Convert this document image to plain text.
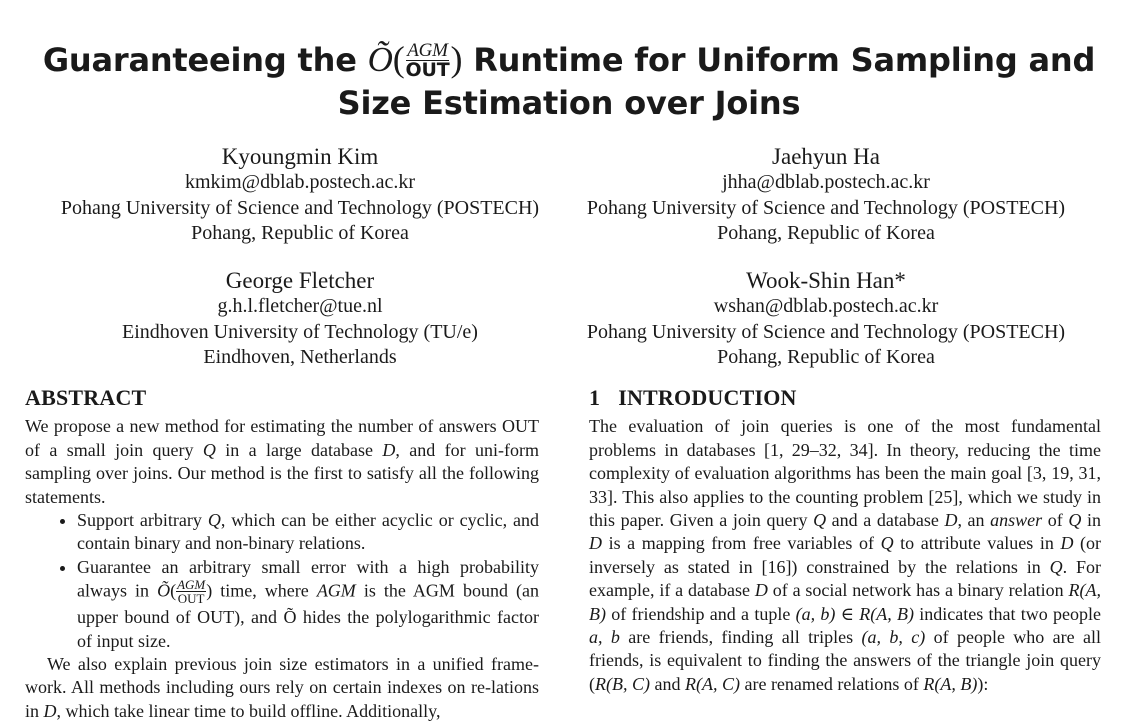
Guaranteeing the Õ( $\frac{\text{AGM}}{\text{OUT}}$ ) Runtime for Uniform Sampling and
Size Estimation over Joins
Kyoungmin Kim
kmkim@dblab.postech.ac.kr
Pohang University of Science and Technology (POSTECH)
Pohang, Republic of Korea
Jaehyun Ha
jhha@dblab.postech.ac.kr
Pohang University of Science and Technology (POSTECH)
Pohang, Republic of Korea
George Fletcher
g.h.l.fletcher@tue.nl
Eindhoven University of Technology (TU/e)
Eindhoven, Netherlands
Wook-Shin Han*
wshan@dblab.postech.ac.kr
Pohang University of Science and Technology (POSTECH)
Pohang, Republic of Korea
ABSTRACT

We propose a new method for estimating the number of answers OUT of a small join query Q in a large database D, and for uni-form sampling over joins. Our method is the first to satisfy all the following statements.

• Support arbitrary Q, which can be either acyclic or cyclic, and contain binary and non-binary relations.
• Guarantee an arbitrary small error with a high probability always in Õ( $\frac{\text{AGM}}{\text{OUT}}$ ) time, where AGM is the AGM bound (an upper bound of OUT), and Õ hides the polylogarithmic factor of input size.

We also explain previous join size estimators in a unified frame-work. All methods including ours rely on certain indexes on re-lations in D, which take linear time to build offline. Additionally,

1 INTRODUCTION

The evaluation of join queries is one of the most fundamental problems in databases [1, 29–32, 34]. In theory, reducing the time complexity of evaluation algorithms has been the main goal [3, 19, 31, 33]. This also applies to the counting problem [25], which we study in this paper. Given a join query Q and a database D, an answer of Q in D is a mapping from free variables of Q to attribute values in D (or inversely as stated in [16]) constrained by the relations in Q. For example, if a database D of a social network has a binary relation R(A, B) of friendship and a tuple (a, b) ∈ R(A, B) indicates that two people a, b are friends, finding all triples (a, b, c) of people who are all friends, is equivalent to finding the answers of the triangle join query (R(B, C) and R(A, C) are renamed relations of R(A, B)):
